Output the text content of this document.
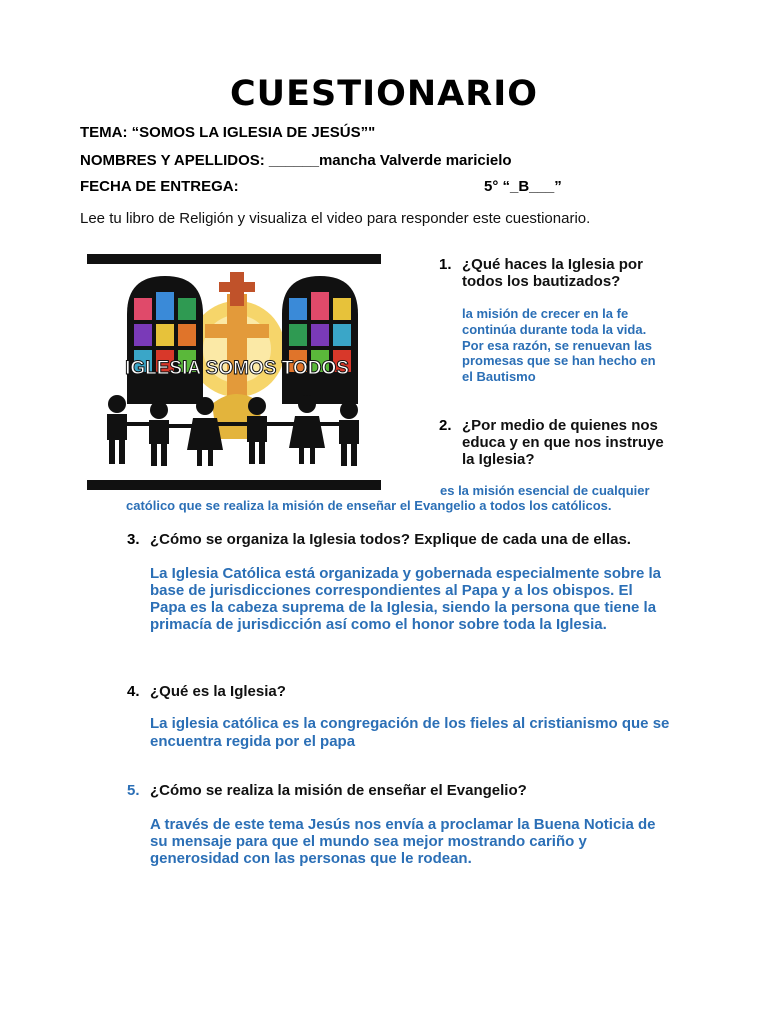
CUESTIONARIO
TEMA: “SOMOS LA IGLESIA DE JESÚS”"
NOMBRES Y APELLIDOS: ______mancha Valverde maricielo
FECHA DE ENTREGA:	5° “_B___”
Lee tu libro de Religión y visualiza el video para responder este cuestionario.
IGLESIA SOMOS TODOS
1. ¿Qué haces la Iglesia por
todos los bautizados?
la misión de crecer en la fe
continúa durante toda la vida.
Por esa razón, se renuevan las
promesas que se han hecho en
el Bautismo
2. ¿Por medio de quienes nos
educa y en que nos instruye
la Iglesia?
es la misión esencial de cualquier
católico que se realiza la misión de enseñar el Evangelio a todos los católicos.
3. ¿Cómo se organiza la Iglesia todos? Explique de cada una de ellas.
La Iglesia Católica está organizada y gobernada especialmente sobre la
base de jurisdicciones correspondientes al Papa y a los obispos. El
Papa es la cabeza suprema de la Iglesia, siendo la persona que tiene la
primacía de jurisdicción así como el honor sobre toda la Iglesia.
4. ¿Qué es la Iglesia?
La iglesia católica es la congregación de los fieles al cristianismo que se
encuentra regida por el papa
5. ¿Cómo se realiza la misión de enseñar el Evangelio?
A través de este tema Jesús nos envía a proclamar la Buena Noticia de
su mensaje para que el mundo sea mejor mostrando cariño y
generosidad con las personas que le rodean.
